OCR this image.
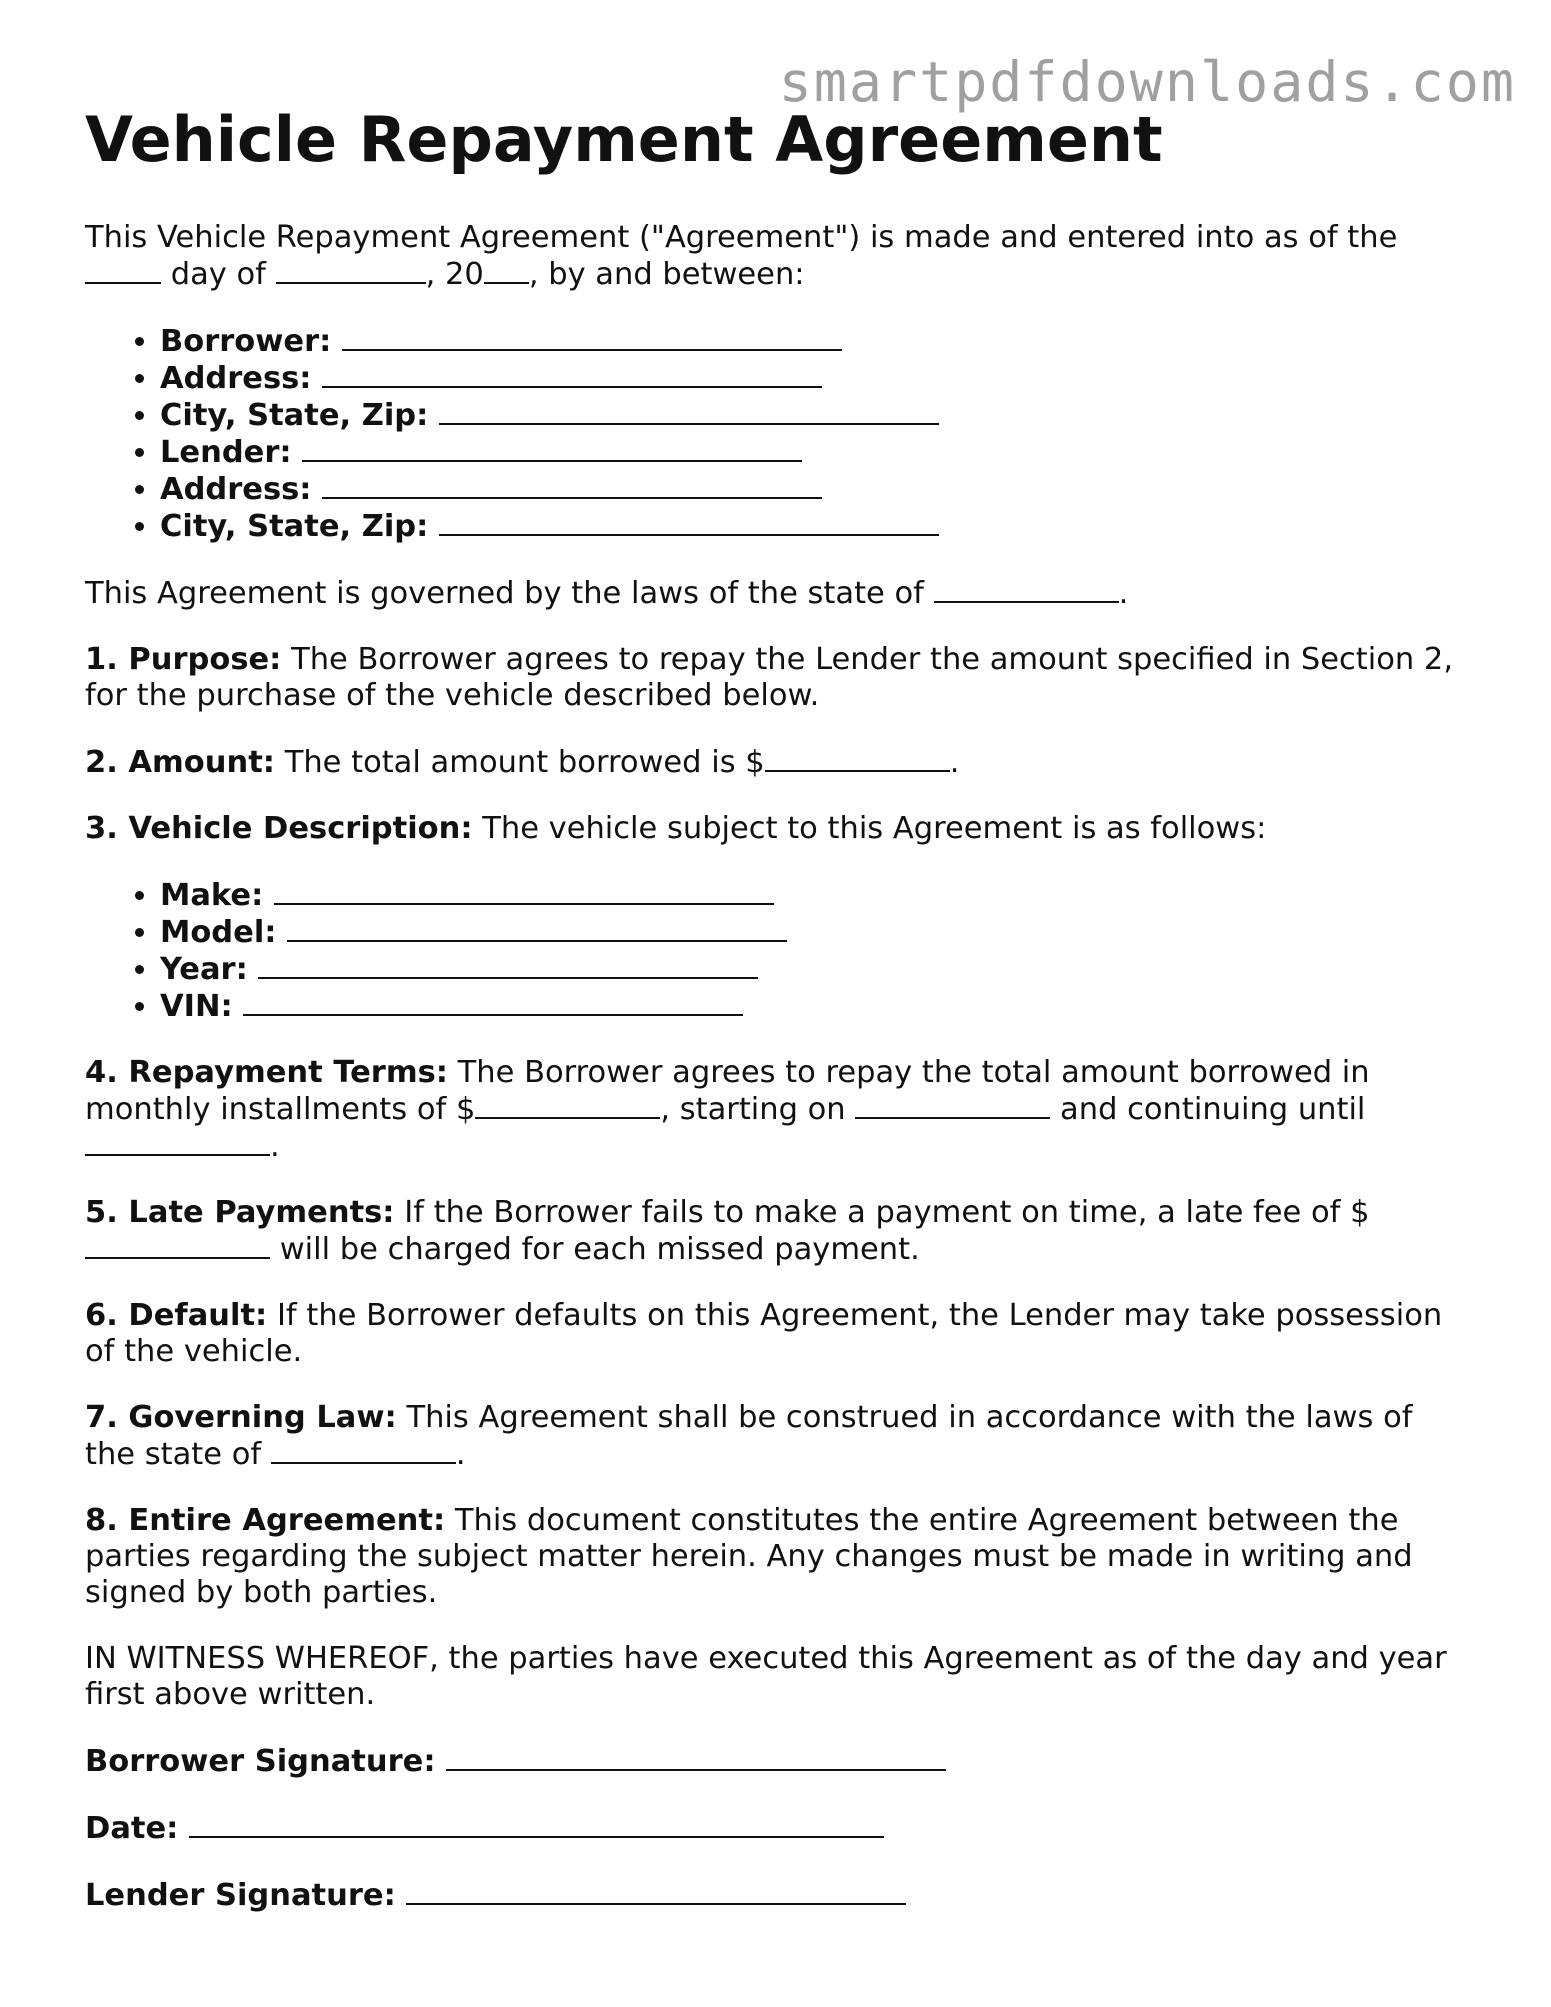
smartpdfdownloads.com
Vehicle Repayment Agreement

This Vehicle Repayment Agreement ("Agreement") is made and entered into as of the
day of	, 20 , by and between:

• Borrower:
• Address:
• City, State, Zip:
• Lender:
• Address:
• City, State, Zip:

This Agreement is governed by the laws of the state of	.

1. Purpose: The Borrower agrees to repay the Lender the amount specified in Section 2, for the purchase of the vehicle described below.

2. Amount: The total amount borrowed is $	.

3. Vehicle Description: The vehicle subject to this Agreement is as follows:

• Make:
• Model:
• Year:
• VIN:

4. Repayment Terms: The Borrower agrees to repay the total amount borrowed in monthly installments of $	, starting on	and continuing until
.

5. Late Payments: If the Borrower fails to make a payment on time, a late fee of $ will be charged for each missed payment.

6. Default: If the Borrower defaults on this Agreement, the Lender may take possession of the vehicle.

7. Governing Law: This Agreement shall be construed in accordance with the laws of the state of	.

8. Entire Agreement: This document constitutes the entire Agreement between the parties regarding the subject matter herein. Any changes must be made in writing and signed by both parties.

IN WITNESS WHEREOF, the parties have executed this Agreement as of the day and year first above written.

Borrower Signature:

Date:

Lender Signature:
